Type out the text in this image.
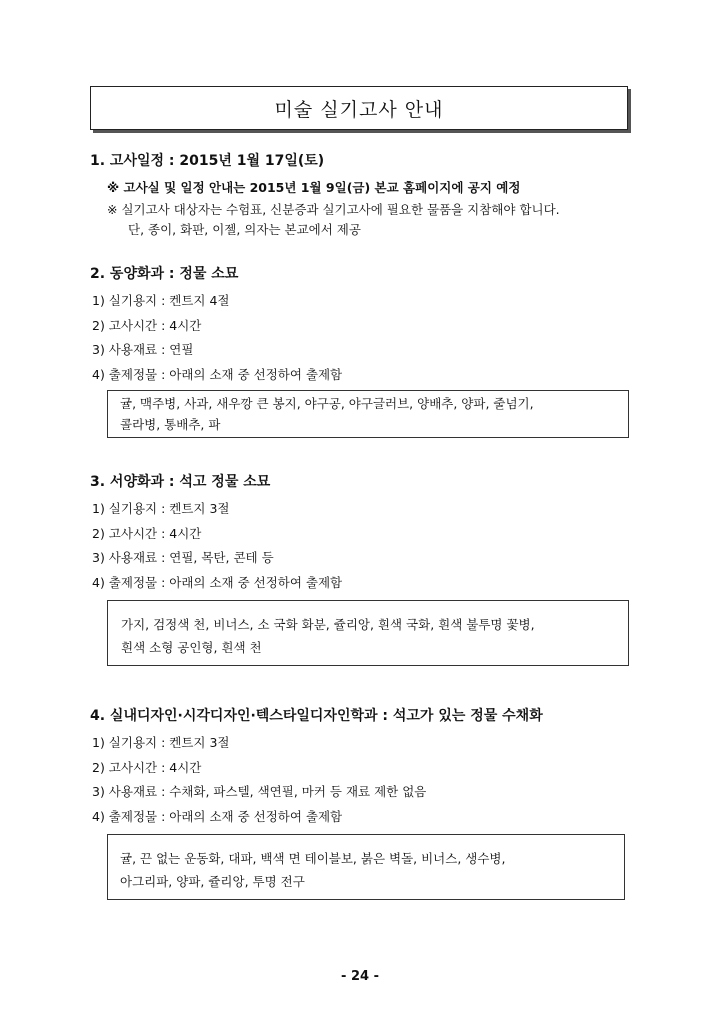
미술 실기고사 안내
1. 고사일정 : 2015년 1월 17일(토)
※ 고사실 및 일정 안내는 2015년 1월 9일(금) 본교 홈페이지에 공지 예정
※ 실기고사 대상자는 수험표, 신분증과 실기고사에 필요한 물품을 지참해야 합니다.
단, 종이, 화판, 이젤, 의자는 본교에서 제공
2. 동양화과 : 정물 소묘
1) 실기용지 : 켄트지 4절
2) 고사시간 : 4시간
3) 사용재료 : 연필
4) 출제정물 : 아래의 소재 중 선정하여 출제함
귤, 맥주병, 사과, 새우깡 큰 봉지, 야구공, 야구글러브, 양배추, 양파, 줄넘기,
콜라병, 통배추, 파
3. 서양화과 : 석고 정물 소묘
1) 실기용지 : 켄트지 3절
2) 고사시간 : 4시간
3) 사용재료 : 연필, 목탄, 콘테 등
4) 출제정물 : 아래의 소재 중 선정하여 출제함
가지, 검정색 천, 비너스, 소 국화 화분, 쥴리앙, 흰색 국화, 흰색 불투명 꽃병,
흰색 소형 공인형, 흰색 천
4. 실내디자인·시각디자인·텍스타일디자인학과 : 석고가 있는 정물 수채화
1) 실기용지 : 켄트지 3절
2) 고사시간 : 4시간
3) 사용재료 : 수채화, 파스텔, 색연필, 마커 등 재료 제한 없음
4) 출제정물 : 아래의 소재 중 선정하여 출제함
귤, 끈 없는 운동화, 대파, 백색 면 테이블보, 붉은 벽돌, 비너스, 생수병,
아그리파, 양파, 쥴리앙, 투명 전구
- 24 -
